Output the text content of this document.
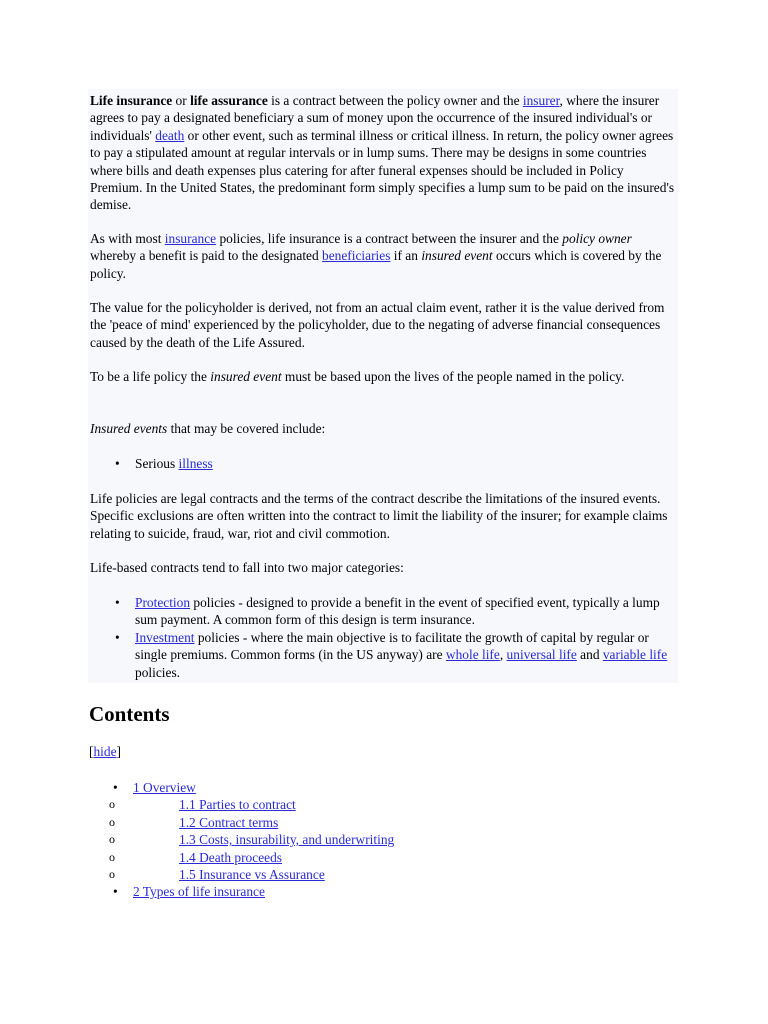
Life insurance or life assurance is a contract between the policy owner and the insurer, where the insurer agrees to pay a designated beneficiary a sum of money upon the occurrence of the insured individual's or individuals' death or other event, such as terminal illness or critical illness. In return, the policy owner agrees to pay a stipulated amount at regular intervals or in lump sums. There may be designs in some countries where bills and death expenses plus catering for after funeral expenses should be included in Policy Premium. In the United States, the predominant form simply specifies a lump sum to be paid on the insured's demise.

As with most insurance policies, life insurance is a contract between the insurer and the policy owner whereby a benefit is paid to the designated beneficiaries if an insured event occurs which is covered by the policy.

The value for the policyholder is derived, not from an actual claim event, rather it is the value derived from the 'peace of mind' experienced by the policyholder, due to the negating of adverse financial consequences caused by the death of the Life Assured.

To be a life policy the insured event must be based upon the lives of the people named in the policy.

Insured events that may be covered include:

• Serious illness

Life policies are legal contracts and the terms of the contract describe the limitations of the insured events. Specific exclusions are often written into the contract to limit the liability of the insurer; for example claims relating to suicide, fraud, war, riot and civil commotion.

Life-based contracts tend to fall into two major categories:

• Protection policies - designed to provide a benefit in the event of specified event, typically a lump sum payment. A common form of this design is term insurance.
• Investment policies - where the main objective is to facilitate the growth of capital by regular or single premiums. Common forms (in the US anyway) are whole life, universal life and variable life policies.
Contents
[hide]
• 1 Overview
o	1.1 Parties to contract
o	1.2 Contract terms
o	1.3 Costs, insurability, and underwriting
o	1.4 Death proceeds
o	1.5 Insurance vs Assurance
• 2 Types of life insurance
